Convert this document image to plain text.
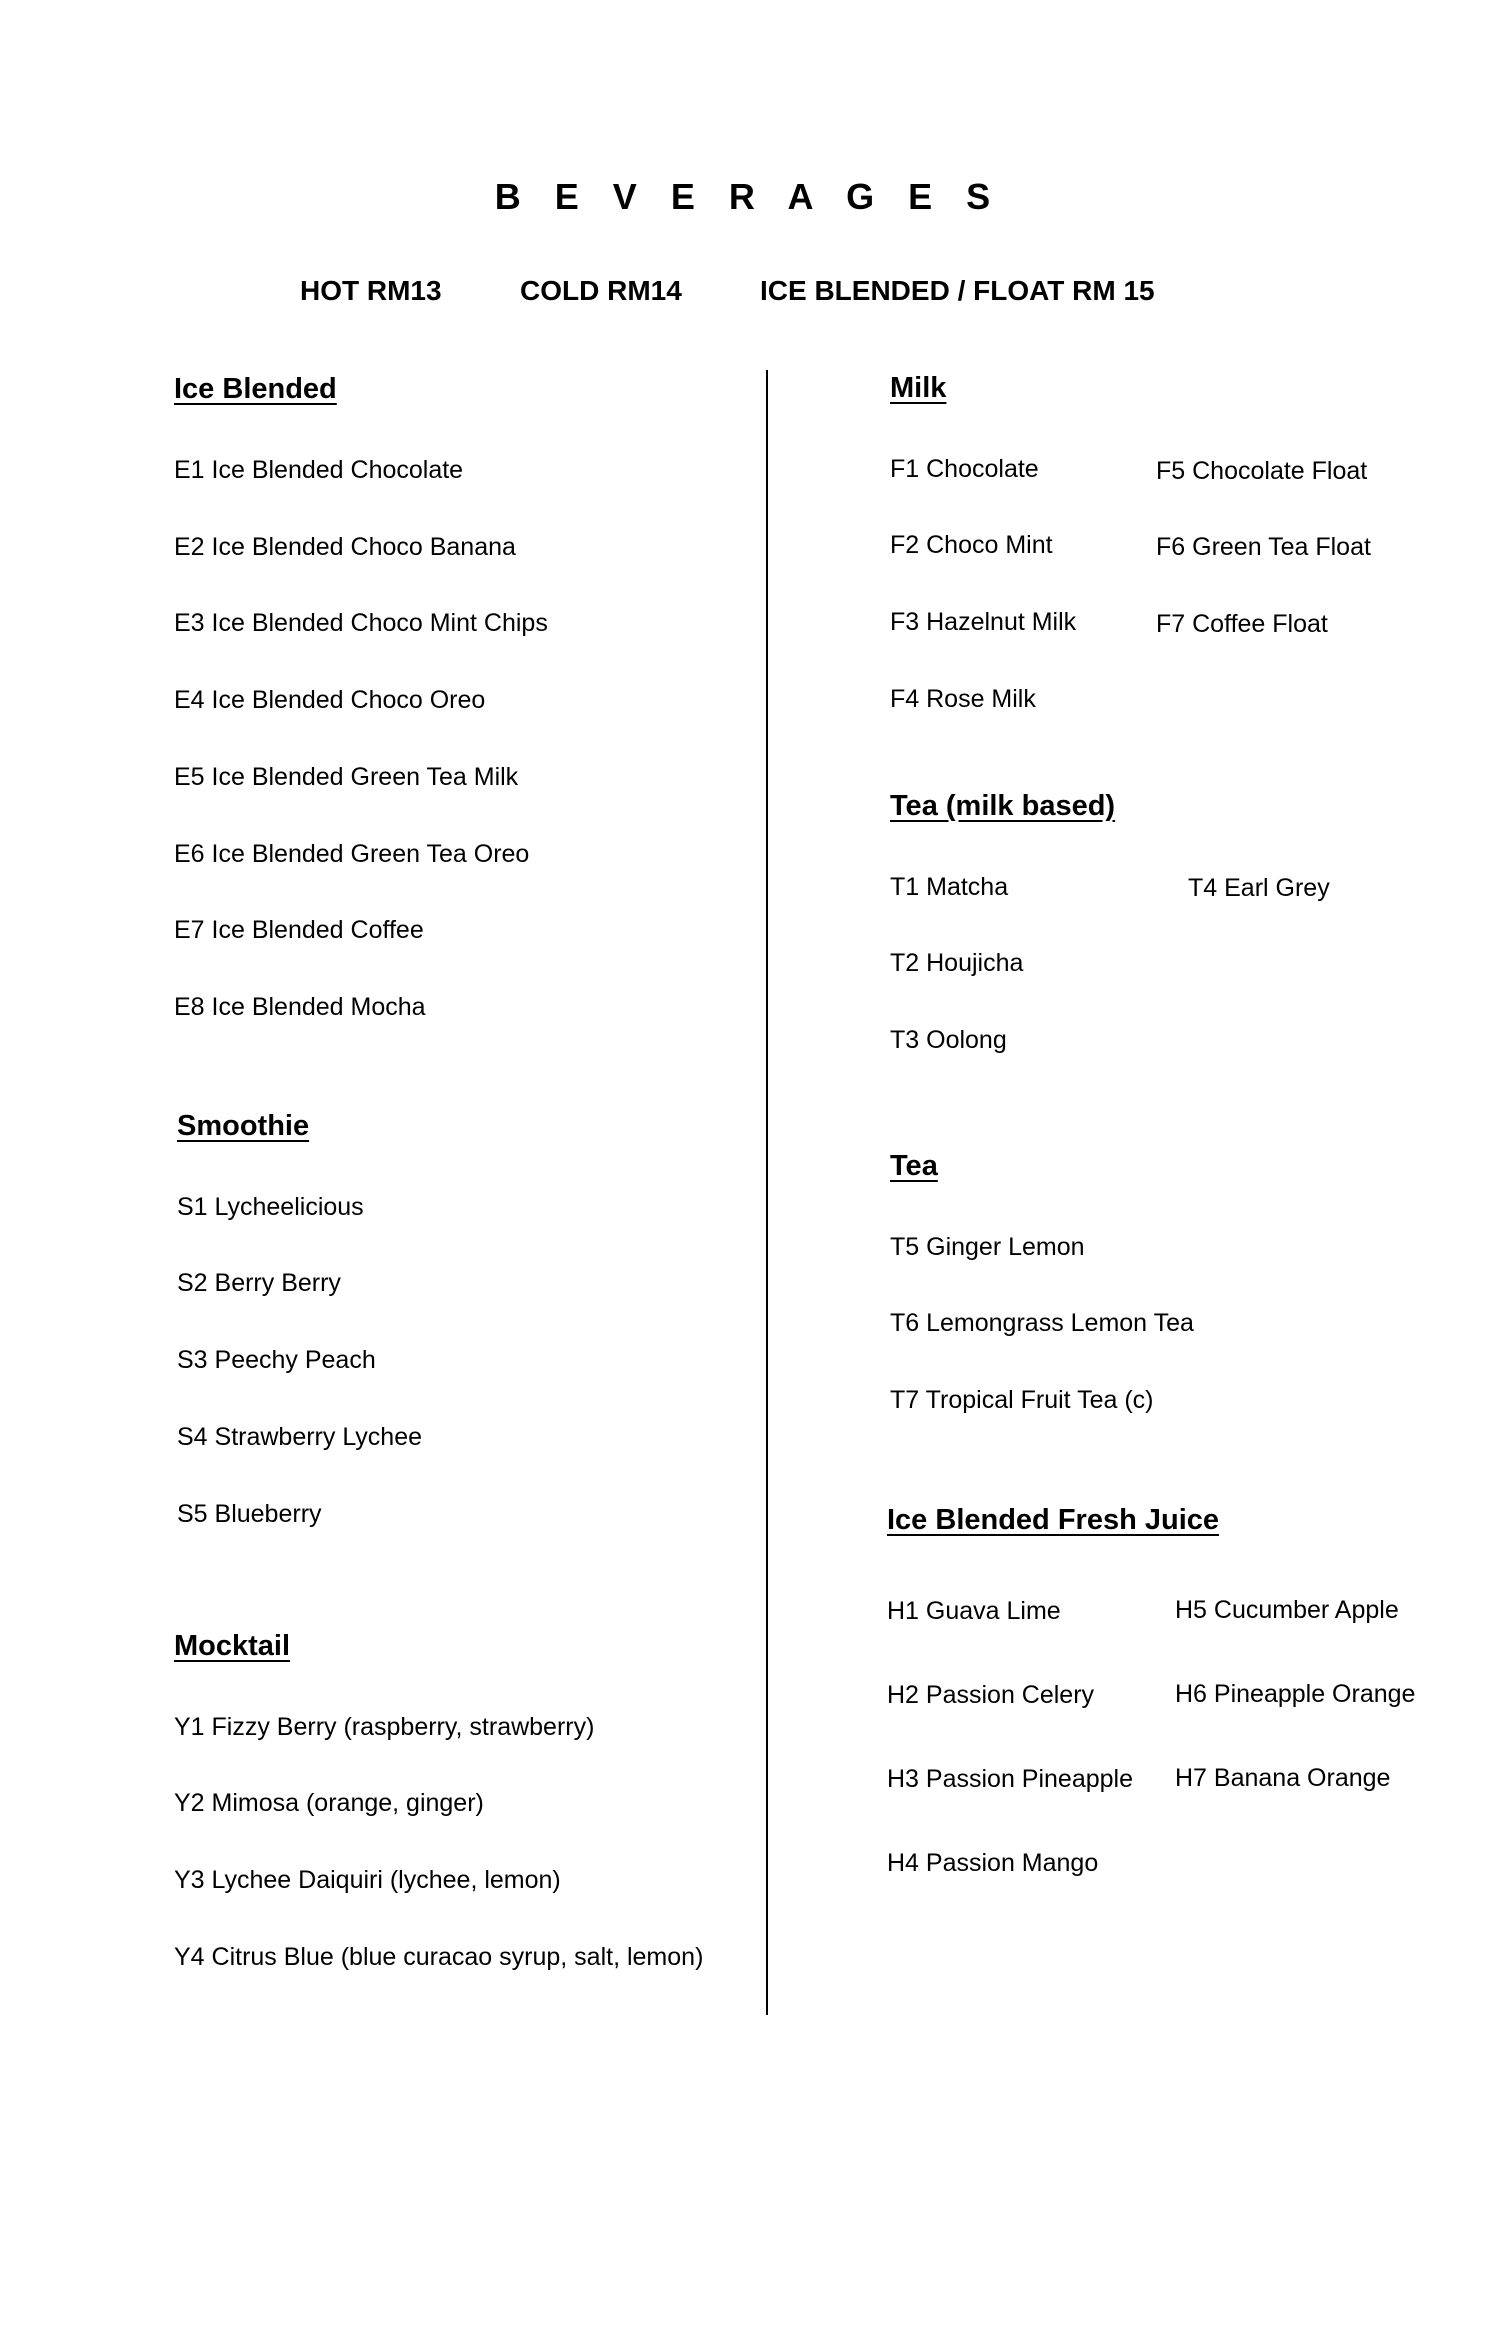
B E V E R A G E S
HOT RM13	COLD RM14	ICE BLENDED / FLOAT RM 15
Ice Blended
E1 Ice Blended Chocolate
E2 Ice Blended Choco Banana
E3 Ice Blended Choco Mint Chips
E4 Ice Blended Choco Oreo
E5 Ice Blended Green Tea Milk
E6 Ice Blended Green Tea Oreo
E7 Ice Blended Coffee
E8 Ice Blended Mocha
Smoothie
S1 Lycheelicious
S2 Berry Berry
S3 Peechy Peach
S4 Strawberry Lychee
S5 Blueberry
Mocktail
Y1 Fizzy Berry (raspberry, strawberry)
Y2 Mimosa (orange, ginger)
Y3 Lychee Daiquiri (lychee, lemon)
Y4 Citrus Blue (blue curacao syrup, salt, lemon)
Milk
F1 Chocolate
F2 Choco Mint
F3 Hazelnut Milk
F4 Rose Milk
F5 Chocolate Float
F6 Green Tea Float
F7 Coffee Float
Tea (milk based)
T1 Matcha
T2 Houjicha
T3 Oolong
T4 Earl Grey
Tea
T5 Ginger Lemon
T6 Lemongrass Lemon Tea
T7 Tropical Fruit Tea (c)
Ice Blended Fresh Juice
H1 Guava Lime
H2 Passion Celery
H3 Passion Pineapple
H4 Passion Mango
H5 Cucumber Apple
H6 Pineapple Orange
H7 Banana Orange
